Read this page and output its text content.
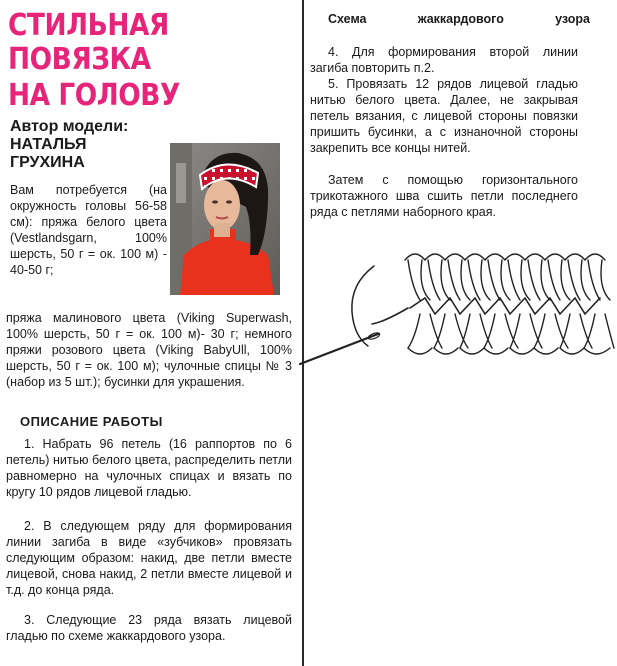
СТИЛЬНАЯ
ПОВЯЗКА
НА ГОЛОВУ
Автор модели:
НАТАЛЬЯ
ГРУХИНА

Вам потребуется (на окружность головы 56-58 см): пряжа белого цвета (Vestlandsgarn, 100% шерсть, 50 г = ок. 100 м) - 40-50 г;

пряжа малинового цвета (Viking Superwash, 100% шерсть, 50 г = ок. 100 м)- 30 г; немного пряжи розового цвета (Viking BabyUll, 100% шерсть, 50 г = ок. 100 м); чулочные спицы № 3 (набор из 5 шт.); бусинки для украшения.

ОПИСАНИЕ РАБОТЫ

1. Набрать 96 петель (16 раппортов по 6 петель) нитью белого цвета, распределить петли равномерно на чулочных спицах и вязать по кругу 10 рядов лицевой гладью.

2. В следующем ряду для формирования линии загиба в виде «зубчиков» провязать следующим образом: накид, две петли вместе лицевой, снова накид, 2 петли вместе лицевой и т.д. до конца ряда.

3. Следующие 23 ряда вязать лицевой гладью по схеме жаккардового узора.

Схема	жаккардового	узора

4. Для формирования второй линии загиба повторить п.2.

5. Провязать 12 рядов лицевой гладью нитью белого цвета. Далее, не закрывая петель вязания, с лицевой стороны повязки пришить бусинки, а с изнаночной стороны закрепить все концы нитей.

Затем с помощью горизонтального трикотажного шва сшить петли последнего ряда с петлями наборного края.
